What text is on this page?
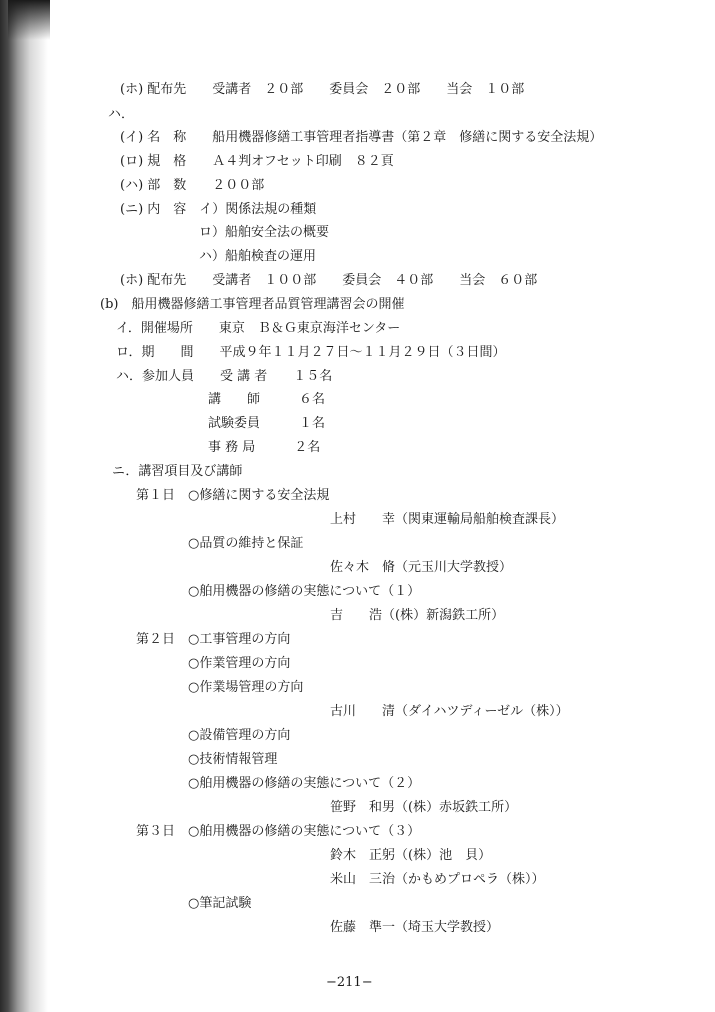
(ホ) 配布先　　受講者　２０部　　委員会　２０部　　当会　１０部
ハ．
(イ) 名　称　　船用機器修繕工事管理者指導書（第２章　修繕に関する安全法規）
(ロ) 規　格　　Ａ４判オフセット印刷　８２頁
(ハ) 部　数　　２００部
(ニ) 内　容　イ）関係法規の種類
ロ）船舶安全法の概要
ハ）船舶検査の運用
(ホ) 配布先　　受講者　１００部　　委員会　４０部　　当会　６０部
(b)　船用機器修繕工事管理者品質管理講習会の開催
イ．開催場所　　東京　Ｂ＆Ｇ東京海洋センター
ロ．期　　間　　平成９年１１月２７日〜１１月２９日（３日間）
ハ．参加人員　　受 講 者　　１５名
講　　師　　　６名
試験委員　　　１名
事 務 局　　　２名
ニ．講習項目及び講師
第１日　○修繕に関する安全法規
上村　　幸（関東運輸局船舶検査課長）
○品質の維持と保証
佐々木　脩（元玉川大学教授）
○舶用機器の修繕の実態について（１）
吉　　浩（(株）新潟鉄工所）
第２日　○工事管理の方向
○作業管理の方向
○作業場管理の方向
古川　　清（ダイハツディーゼル（株））
○設備管理の方向
○技術情報管理
○舶用機器の修繕の実態について（２）
笹野　和男（(株）赤坂鉄工所）
第３日　○舶用機器の修繕の実態について（３）
鈴木　正躬（(株）池　貝）
米山　三治（かもめプロペラ（株））
○筆記試験
佐藤　準一（埼玉大学教授）
−211−
